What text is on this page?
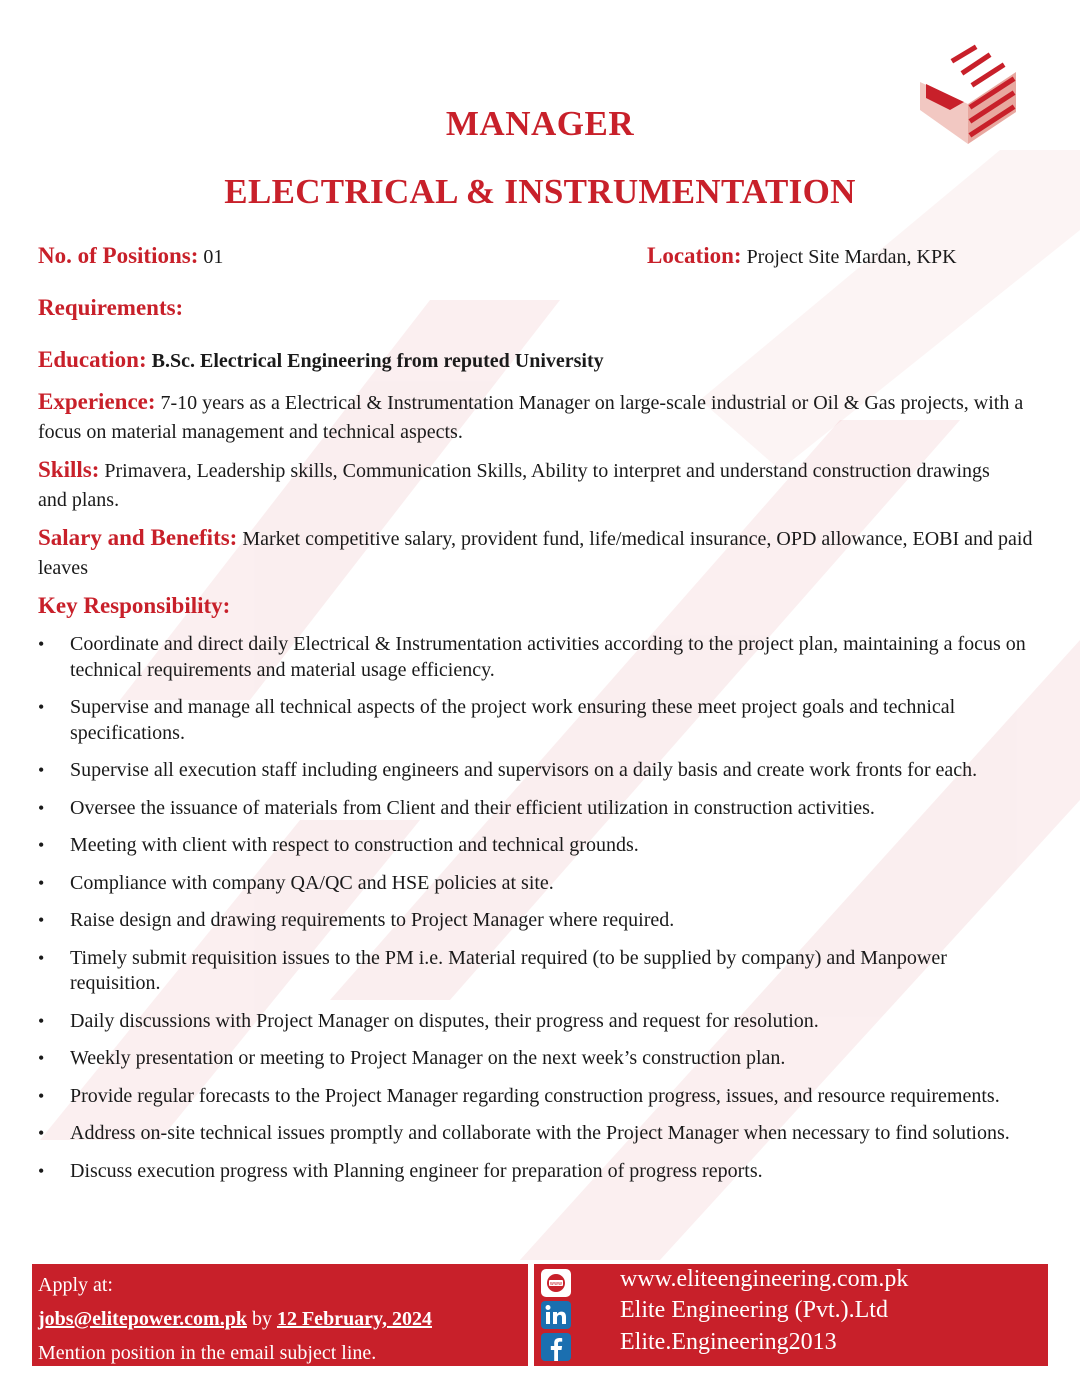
MANAGER
ELECTRICAL & INSTRUMENTATION
No. of Positions: 01	Location: Project Site Mardan, KPK
Requirements:
Education: B.Sc. Electrical Engineering from reputed University
Experience: 7-10 years as a Electrical & Instrumentation Manager on large-scale industrial or Oil & Gas projects, with a focus on material management and technical aspects.
Skills: Primavera, Leadership skills, Communication Skills, Ability to interpret and understand construction drawings and plans.
Salary and Benefits: Market competitive salary, provident fund, life/medical insurance, OPD allowance, EOBI and paid leaves
Key Responsibility:
• Coordinate and direct daily Electrical & Instrumentation activities according to the project plan, maintaining a focus on technical requirements and material usage efficiency.
• Supervise and manage all technical aspects of the project work ensuring these meet project goals and technical specifications.
• Supervise all execution staff including engineers and supervisors on a daily basis and create work fronts for each.
• Oversee the issuance of materials from Client and their efficient utilization in construction activities.
• Meeting with client with respect to construction and technical grounds.
• Compliance with company QA/QC and HSE policies at site.
• Raise design and drawing requirements to Project Manager where required.
• Timely submit requisition issues to the PM i.e. Material required (to be supplied by company) and Manpower requisition.
• Daily discussions with Project Manager on disputes, their progress and request for resolution.
• Weekly presentation or meeting to Project Manager on the next week’s construction plan.
• Provide regular forecasts to the Project Manager regarding construction progress, issues, and resource requirements.
• Address on-site technical issues promptly and collaborate with the Project Manager when necessary to find solutions.
• Discuss execution progress with Planning engineer for preparation of progress reports.
Apply at:
jobs@elitepower.com.pk by 12 February, 2024
Mention position in the email subject line.
www www.eliteengineering.com.pk
Elite Engineering (Pvt.).Ltd
Elite.Engineering2013
